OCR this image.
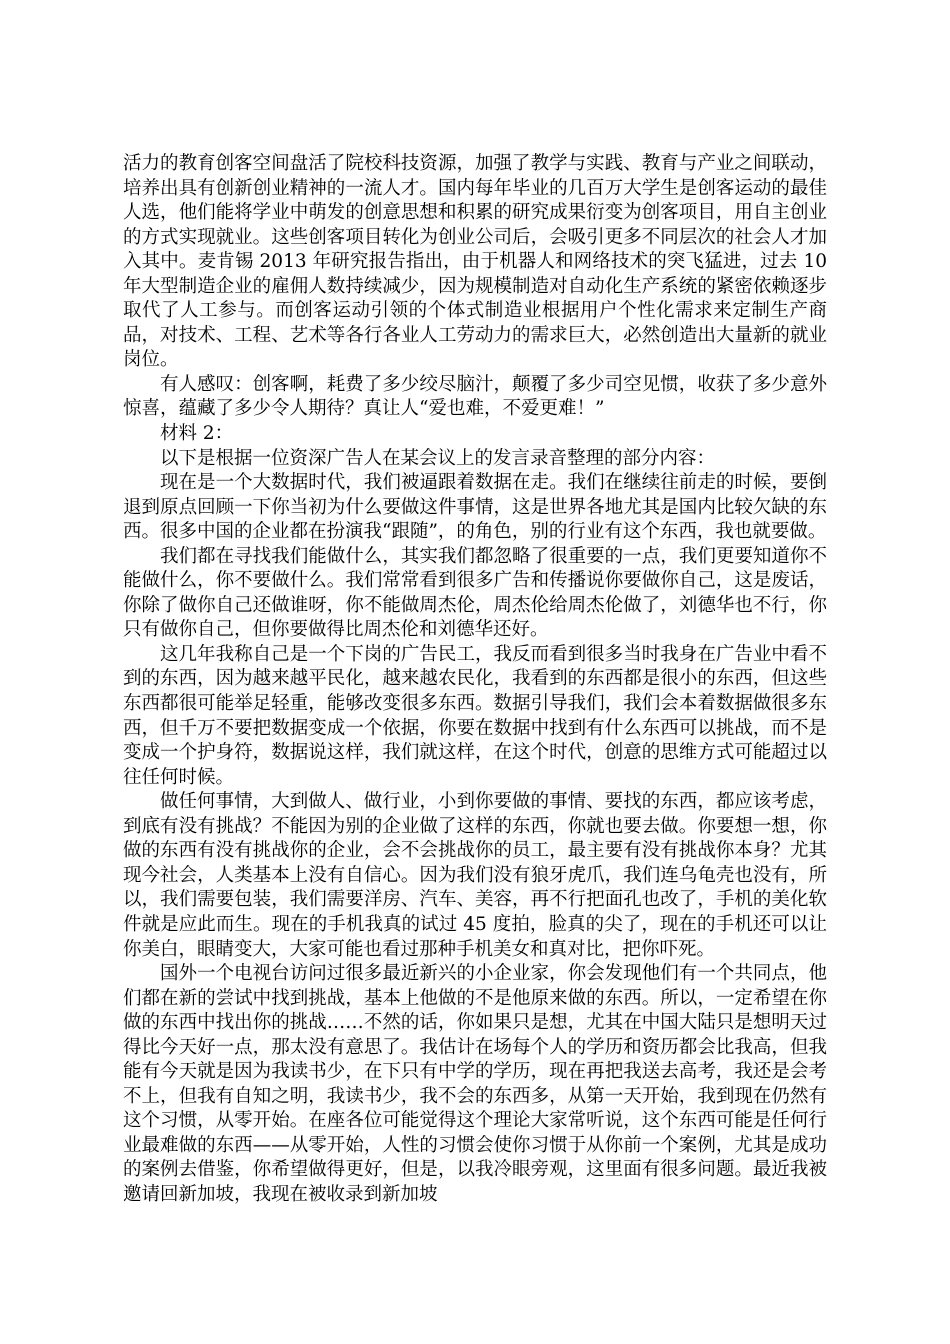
活力的教育创客空间盘活了院校科技资源，加强了教学与实践、教育与产业之间联动，培养出具有创新创业精神的一流人才。国内每年毕业的几百万大学生是创客运动的最佳人选，他们能将学业中萌发的创意思想和积累的研究成果衍变为创客项目，用自主创业的方式实现就业。这些创客项目转化为创业公司后，会吸引更多不同层次的社会人才加入其中。麦肯锡 2013 年研究报告指出，由于机器人和网络技术的突飞猛进，过去 10 年大型制造企业的雇佣人数持续减少，因为规模制造对自动化生产系统的紧密依赖逐步取代了人工参与。而创客运动引领的个体式制造业根据用户个性化需求来定制生产商品，对技术、工程、艺术等各行各业人工劳动力的需求巨大，必然创造出大量新的就业岗位。

有人感叹：创客啊，耗费了多少绞尽脑汁，颠覆了多少司空见惯，收获了多少意外惊喜，蕴藏了多少令人期待？真让人“爱也难，不爱更难！”

材料 2：

以下是根据一位资深广告人在某会议上的发言录音整理的部分内容：

现在是一个大数据时代，我们被逼跟着数据在走。我们在继续往前走的时候，要倒退到原点回顾一下你当初为什么要做这件事情，这是世界各地尤其是国内比较欠缺的东西。很多中国的企业都在扮演我“跟随”，的角色，别的行业有这个东西，我也就要做。

我们都在寻找我们能做什么，其实我们都忽略了很重要的一点，我们更要知道你不能做什么，你不要做什么。我们常常看到很多广告和传播说你要做你自己，这是废话，你除了做你自己还做谁呀，你不能做周杰伦，周杰伦给周杰伦做了，刘德华也不行，你只有做你自己，但你要做得比周杰伦和刘德华还好。

这几年我称自己是一个下岗的广告民工，我反而看到很多当时我身在广告业中看不到的东西，因为越来越平民化，越来越农民化，我看到的东西都是很小的东西，但这些东西都很可能举足轻重，能够改变很多东西。数据引导我们，我们会本着数据做很多东西，但千万不要把数据变成一个依据，你要在数据中找到有什么东西可以挑战，而不是变成一个护身符，数据说这样，我们就这样，在这个时代，创意的思维方式可能超过以往任何时候。

做任何事情，大到做人、做行业，小到你要做的事情、要找的东西，都应该考虑，到底有没有挑战？不能因为别的企业做了这样的东西，你就也要去做。你要想一想，你做的东西有没有挑战你的企业，会不会挑战你的员工，最主要有没有挑战你本身？尤其现今社会，人类基本上没有自信心。因为我们没有狼牙虎爪，我们连乌龟壳也没有，所以，我们需要包装，我们需要洋房、汽车、美容，再不行把面孔也改了，手机的美化软件就是应此而生。现在的手机我真的试过 45 度拍，脸真的尖了，现在的手机还可以让你美白，眼睛变大，大家可能也看过那种手机美女和真对比，把你吓死。

国外一个电视台访问过很多最近新兴的小企业家，你会发现他们有一个共同点，他们都在新的尝试中找到挑战，基本上他做的不是他原来做的东西。所以，一定希望在你做的东西中找出你的挑战……不然的话，你如果只是想，尤其在中国大陆只是想明天过得比今天好一点，那太没有意思了。我估计在场每个人的学历和资历都会比我高，但我能有今天就是因为我读书少，在下只有中学的学历，现在再把我送去高考，我还是会考不上，但我有自知之明，我读书少，我不会的东西多，从第一天开始，我到现在仍然有这个习惯，从零开始。在座各位可能觉得这个理论大家常听说，这个东西可能是任何行业最难做的东西——从零开始，人性的习惯会使你习惯于从你前一个案例，尤其是成功的案例去借鉴，你希望做得更好，但是，以我冷眼旁观，这里面有很多问题。最近我被邀请回新加坡，我现在被收录到新加坡
